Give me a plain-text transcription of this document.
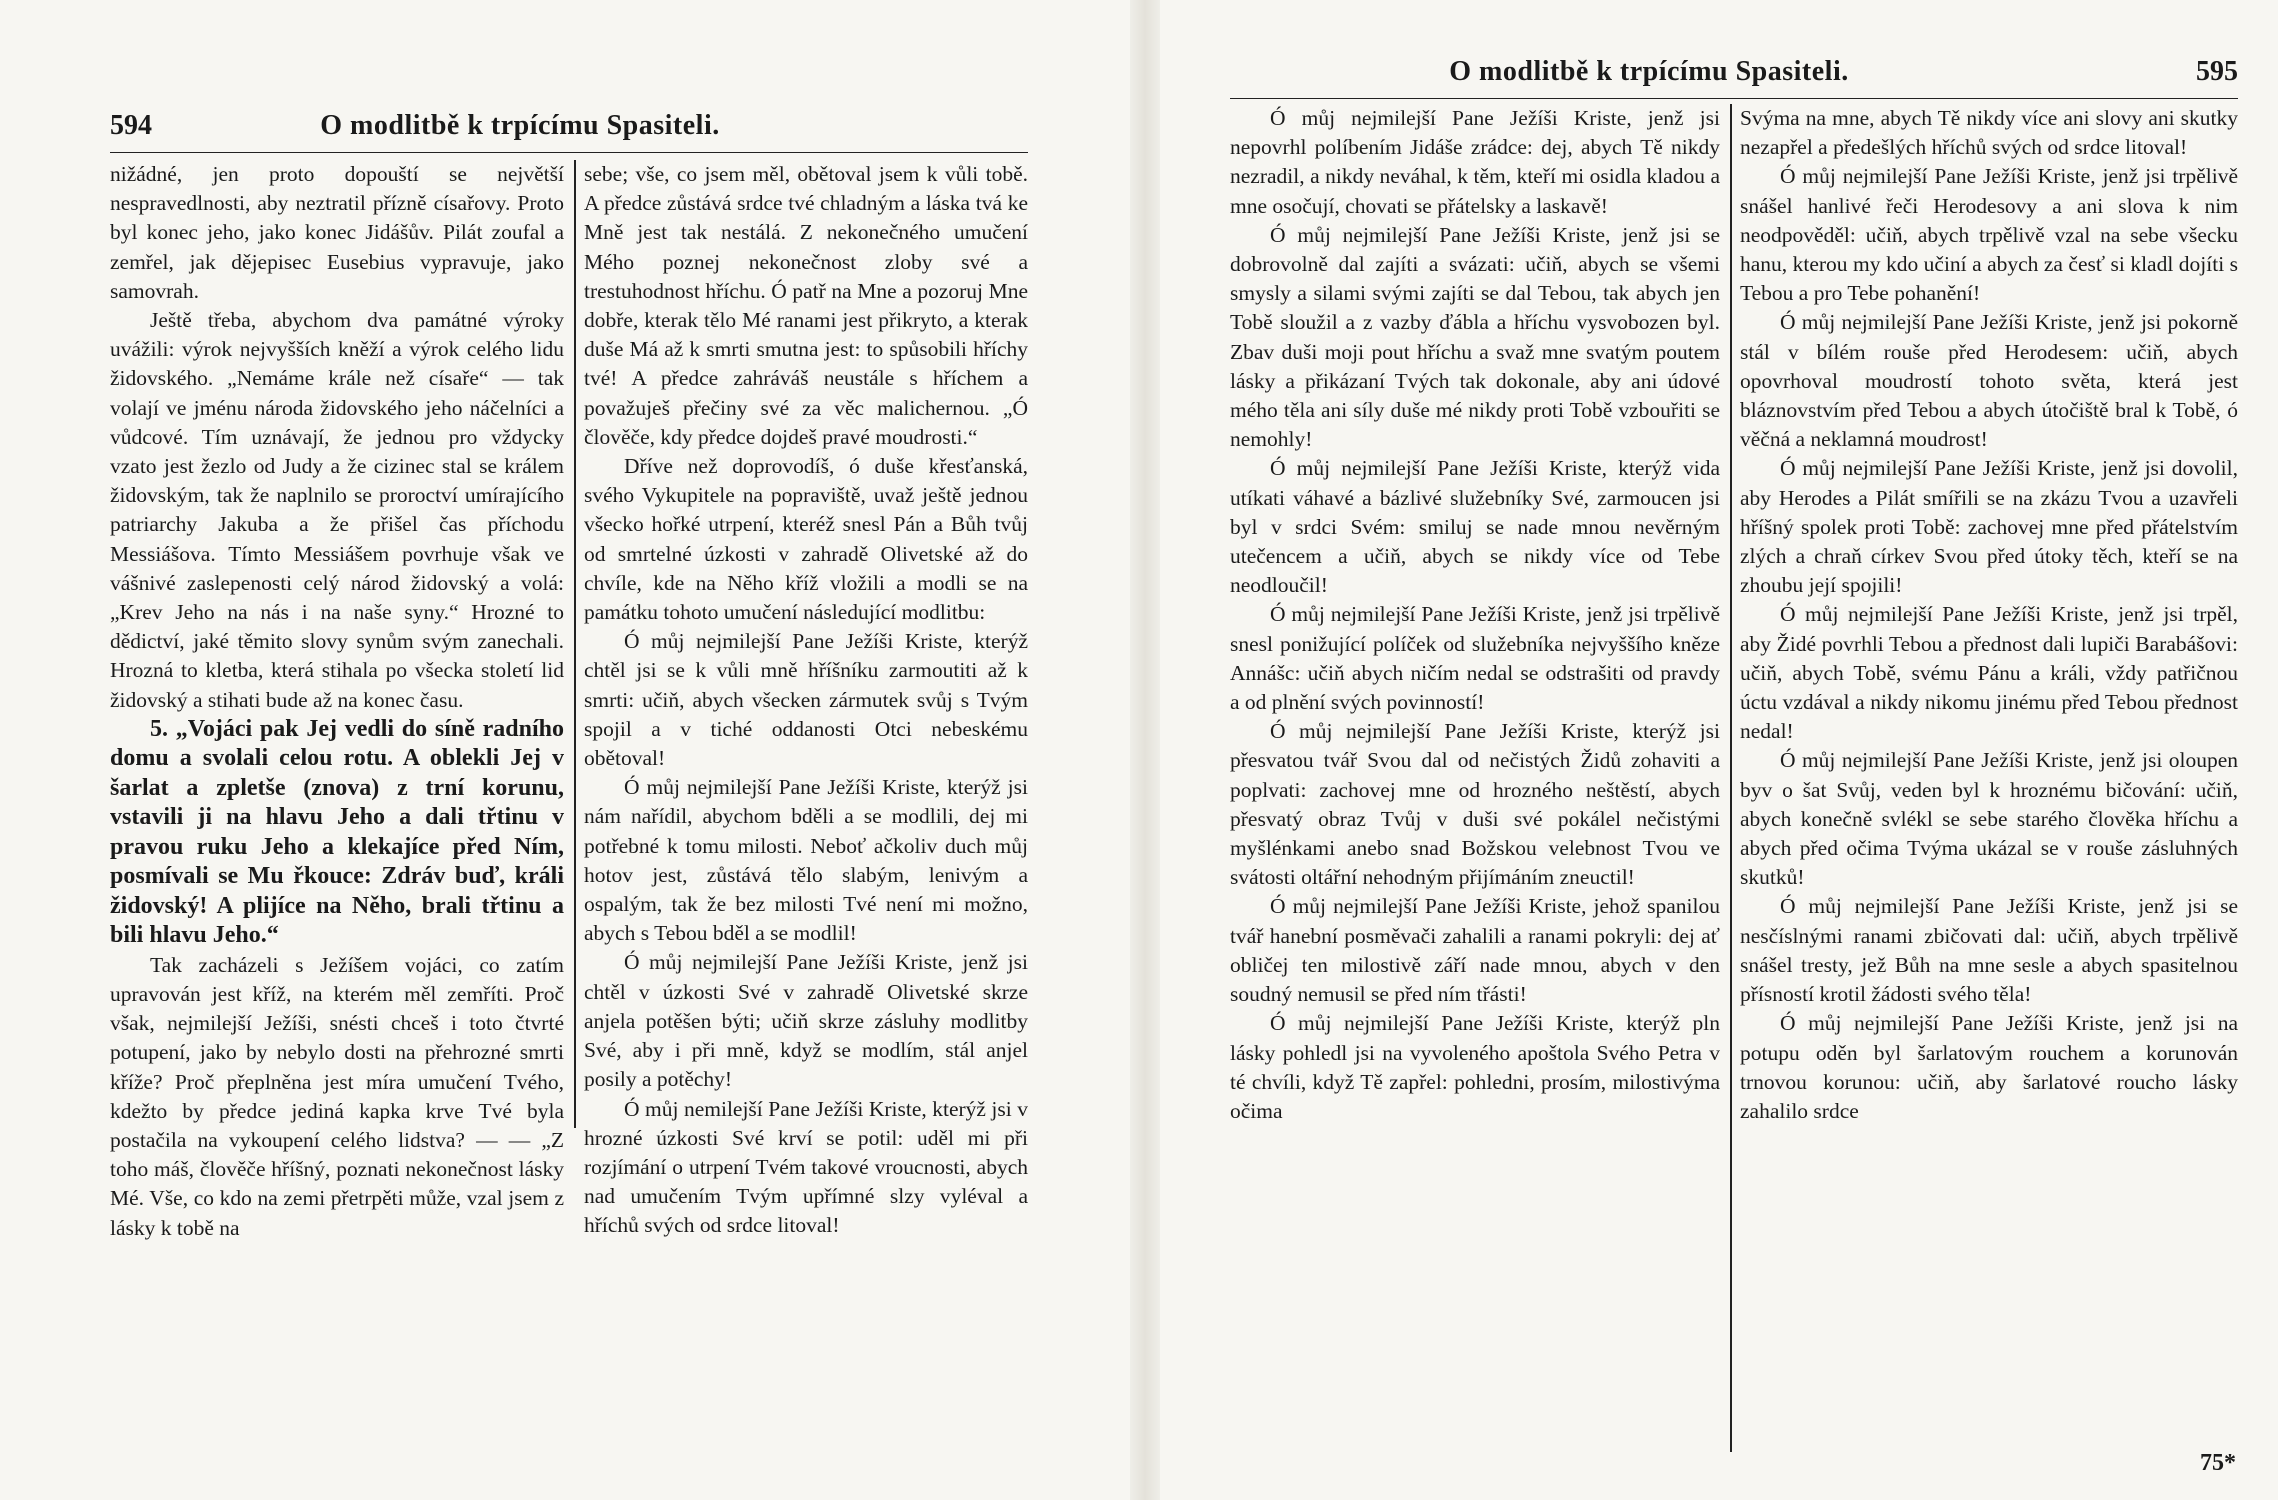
594	O modlitbě k trpícímu Spasiteli.

nižádné, jen proto dopouští se největší nespravedlnosti, aby neztratil přízně císařovy. Proto byl konec jeho, jako konec Jidášův. Pilát zoufal a zemřel, jak dějepisec Eusebius vypravuje, jako samovrah.

Ještě třeba, abychom dva památné výroky uvážili: výrok nejvyšších kněží a výrok celého lidu židovského. „Nemáme krále než císaře“ — tak volají ve jménu národa židovského jeho náčelníci a vůdcové. Tím uznávají, že jednou pro vždycky vzato jest žezlo od Judy a že cizinec stal se králem židovským, tak že naplnilo se proroctví umírajícího patriarchy Jakuba a že přišel čas příchodu Messiášova. Tímto Messiášem povrhuje však ve vášnivé zaslepenosti celý národ židovský a volá: „Krev Jeho na nás i na naše syny.“ Hrozné to dědictví, jaké těmito slovy synům svým zanechali. Hrozná to kletba, která stihala po všecka století lid židovský a stihati bude až na konec času.

5. „Vojáci pak Jej vedli do síně radního domu a svolali celou rotu. A oblekli Jej v šarlat a zpletše (znova) z trní korunu, vstavili ji na hlavu Jeho a dali třtinu v pravou ruku Jeho a klekajíce před Ním, posmívali se Mu řkouce: Zdráv buď, králi židovský! A plijíce na Něho, brali třtinu a bili hlavu Jeho.“

Tak zacházeli s Ježíšem vojáci, co zatím upravován jest kříž, na kterém měl zemříti. Proč však, nejmilejší Ježíši, snésti chceš i toto čtvrté potupení, jako by nebylo dosti na přehrozné smrti kříže? Proč přeplněna jest míra umučení Tvého, kdežto by předce jediná kapka krve Tvé byla postačila na vykoupení celého lidstva? — — „Z toho máš, člověče hříšný, poznati nekonečnost lásky Mé. Vše, co kdo na zemi přetrpěti může, vzal jsem z lásky k tobě na

sebe; vše, co jsem měl, obětoval jsem k vůli tobě. A předce zůstává srdce tvé chladným a láska tvá ke Mně jest tak nestálá. Z nekonečného umučení Mého poznej nekonečnost zloby své a trestuhodnost hříchu. Ó patř na Mne a pozoruj Mne dobře, kterak tělo Mé ranami jest přikryto, a kterak duše Má až k smrti smutna jest: to spůsobili hříchy tvé! A předce zahráváš neustále s hříchem a považuješ přečiny své za věc malichernou. „Ó člověče, kdy předce dojdeš pravé moudrosti.“

Dříve než doprovodíš, ó duše křesťanská, svého Vykupitele na popraviště, uvaž ještě jednou všecko hořké utrpení, kteréž snesl Pán a Bůh tvůj od smrtelné úzkosti v zahradě Olivetské až do chvíle, kde na Něho kříž vložili a modli se na památku tohoto umučení následující modlitbu:

Ó můj nejmilejší Pane Ježíši Kriste, kterýž chtěl jsi se k vůli mně hříšníku zarmoutiti až k smrti: učiň, abych všecken zármutek svůj s Tvým spojil a v tiché oddanosti Otci nebeskému obětoval!

Ó můj nejmilejší Pane Ježíši Kriste, kterýž jsi nám nařídil, abychom bděli a se modlili, dej mi potřebné k tomu milosti. Neboť ačkoliv duch můj hotov jest, zůstává tělo slabým, lenivým a ospalým, tak že bez milosti Tvé není mi možno, abych s Tebou bděl a se modlil!

Ó můj nejmilejší Pane Ježíši Kriste, jenž jsi chtěl v úzkosti Své v zahradě Olivetské skrze anjela potěšen býti; učiň skrze zásluhy modlitby Své, aby i při mně, když se modlím, stál anjel posily a potěchy!

Ó můj nemilejší Pane Ježíši Kriste, kterýž jsi v hrozné úzkosti Své krví se potil: uděl mi při rozjímání o utrpení Tvém takové vroucnosti, abych nad umučením Tvým upřímné slzy vyléval a hříchů svých od srdce litoval!

O modlitbě k trpícímu Spasiteli.	595

Ó můj nejmilejší Pane Ježíši Kriste, jenž jsi nepovrhl políbením Jidáše zrádce: dej, abych Tě nikdy nezradil, a nikdy neváhal, k těm, kteří mi osidla kladou a mne osočují, chovati se přátelsky a laskavě!

Ó můj nejmilejší Pane Ježíši Kriste, jenž jsi se dobrovolně dal zajíti a svázati: učiň, abych se všemi smysly a silami svými zajíti se dal Tebou, tak abych jen Tobě sloužil a z vazby ďábla a hříchu vysvobozen byl. Zbav duši moji pout hříchu a svaž mne svatým poutem lásky a přikázaní Tvých tak dokonale, aby ani údové mého těla ani síly duše mé nikdy proti Tobě vzbouřiti se nemohly!

Ó můj nejmilejší Pane Ježíši Kriste, kterýž vida utíkati váhavé a bázlivé služebníky Své, zarmoucen jsi byl v srdci Svém: smiluj se nade mnou nevěrným utečencem a učiň, abych se nikdy více od Tebe neodloučil!

Ó můj nejmilejší Pane Ježíši Kriste, jenž jsi trpělivě snesl ponižující políček od služebníka nejvyššího kněze Annášc: učiň abych ničím nedal se odstrašiti od pravdy a od plnění svých povinností!

Ó můj nejmilejší Pane Ježíši Kriste, kterýž jsi přesvatou tvář Svou dal od nečistých Židů zohaviti a poplvati: zachovej mne od hrozného neštěstí, abych přesvatý obraz Tvůj v duši své pokálel nečistými myšlénkami anebo snad Božskou velebnost Tvou ve svátosti oltářní nehodným přijímáním zneuctil!

Ó můj nejmilejší Pane Ježíši Kriste, jehož spanilou tvář hanební posměvači zahalili a ranami pokryli: dej ať obličej ten milostivě září nade mnou, abych v den soudný nemusil se před ním třásti!

Ó můj nejmilejší Pane Ježíši Kriste, kterýž pln lásky pohledl jsi na vyvoleného apoštola Svého Petra v té chvíli, když Tě zapřel: pohledni, prosím, milostivýma očima

Svýma na mne, abych Tě nikdy více ani slovy ani skutky nezapřel a předešlých hříchů svých od srdce litoval!

Ó můj nejmilejší Pane Ježíši Kriste, jenž jsi trpělivě snášel hanlivé řeči Herodesovy a ani slova k nim neodpověděl: učiň, abych trpělivě vzal na sebe všecku hanu, kterou my kdo učiní a abych za česť si kladl dojíti s Tebou a pro Tebe pohanění!

Ó můj nejmilejší Pane Ježíši Kriste, jenž jsi pokorně stál v bílém rouše před Herodesem: učiň, abych opovrhoval moudrostí tohoto světa, která jest bláznovstvím před Tebou a abych útočiště bral k Tobě, ó věčná a neklamná moudrost!

Ó můj nejmilejší Pane Ježíši Kriste, jenž jsi dovolil, aby Herodes a Pilát smířili se na zkázu Tvou a uzavřeli hříšný spolek proti Tobě: zachovej mne před přátelstvím zlých a chraň církev Svou před útoky těch, kteří se na zhoubu její spojili!

Ó můj nejmilejší Pane Ježíši Kriste, jenž jsi trpěl, aby Židé povrhli Tebou a přednost dali lupiči Barabášovi: učiň, abych Tobě, svému Pánu a králi, vždy patřičnou úctu vzdával a nikdy nikomu jinému před Tebou přednost nedal!

Ó můj nejmilejší Pane Ježíši Kriste, jenž jsi oloupen byv o šat Svůj, veden byl k hroznému bičování: učiň, abych konečně svlékl se sebe starého člověka hříchu a abych před očima Tvýma ukázal se v rouše zásluhných skutků!

Ó můj nejmilejší Pane Ježíši Kriste, jenž jsi se nesčíslnými ranami zbičovati dal: učiň, abych trpělivě snášel tresty, jež Bůh na mne sesle a abych spasitelnou přísností krotil žádosti svého těla!

Ó můj nejmilejší Pane Ježíši Kriste, jenž jsi na potupu oděn byl šarlatovým rouchem a korunován trnovou korunou: učiň, aby šarlatové roucho lásky zahalilo srdce

75*
